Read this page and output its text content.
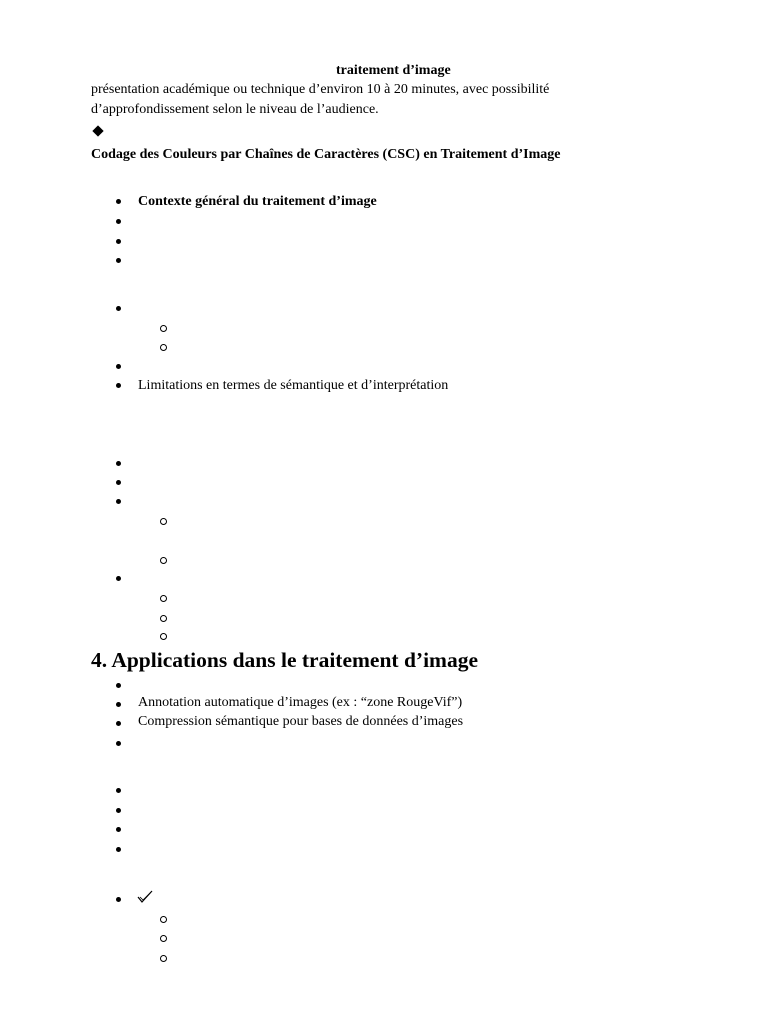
traitement d’image
présentation académique ou technique d’environ 10 à 20 minutes, avec possibilité
d’approfondissement selon le niveau de l’audience.
Codage des Couleurs par Chaînes de Caractères (CSC) en Traitement d’Image
Contexte général du traitement d’image
Limitations en termes de sémantique et d’interprétation
4. Applications dans le traitement d’image
Annotation automatique d’images (ex : “zone RougeVif”)
Compression sémantique pour bases de données d’images
